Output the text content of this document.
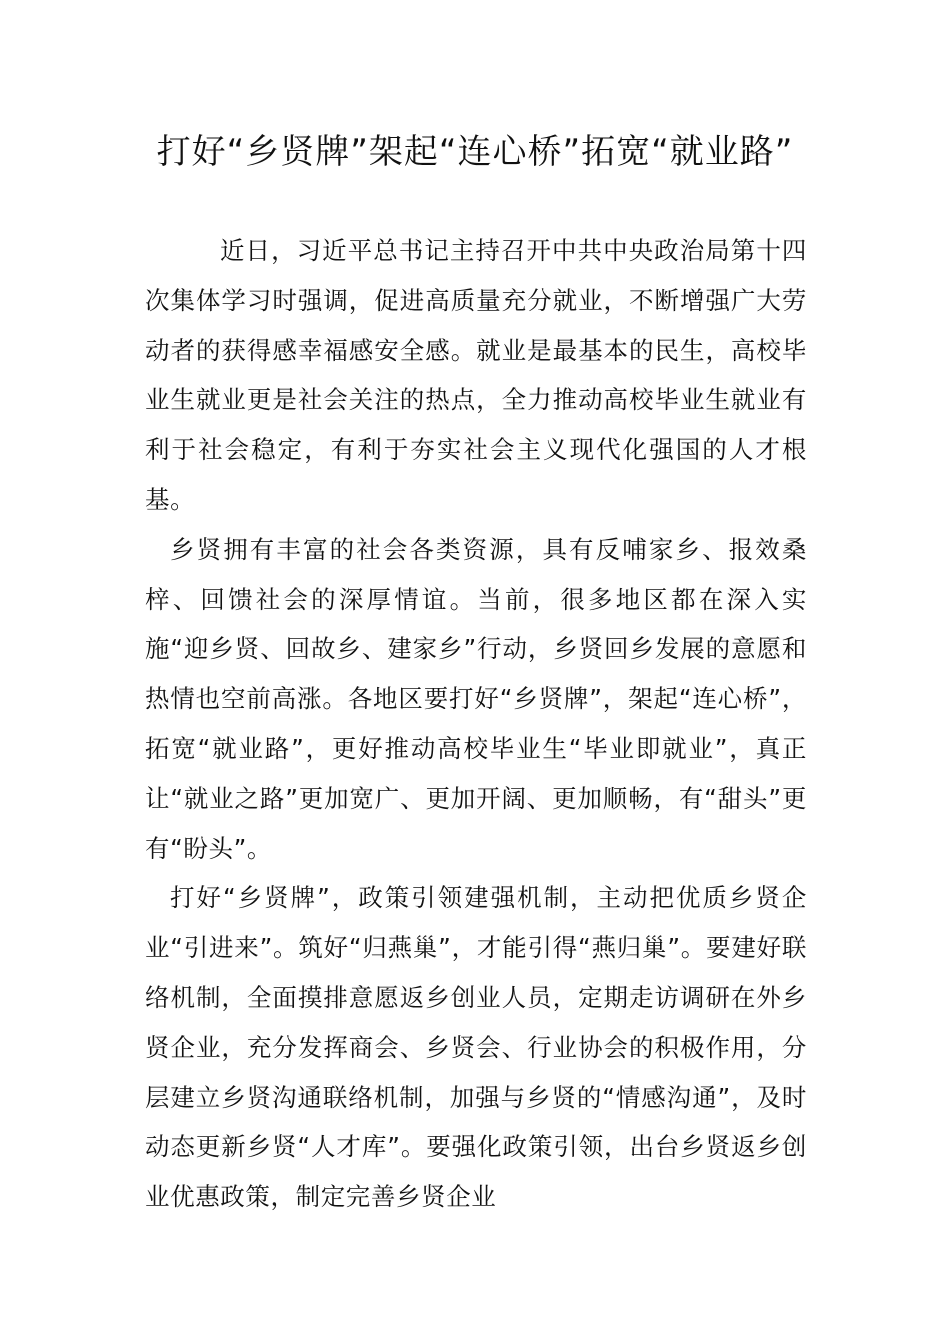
打好“乡贤牌”架起“连心桥”拓宽“就业路”

近日，习近平总书记主持召开中共中央政治局第十四次集体学习时强调，促进高质量充分就业，不断增强广大劳动者的获得感幸福感安全感。就业是最基本的民生，高校毕业生就业更是社会关注的热点，全力推动高校毕业生就业有利于社会稳定，有利于夯实社会主义现代化强国的人才根基。

乡贤拥有丰富的社会各类资源，具有反哺家乡、报效桑梓、回馈社会的深厚情谊。当前，很多地区都在深入实施“迎乡贤、回故乡、建家乡”行动，乡贤回乡发展的意愿和热情也空前高涨。各地区要打好“乡贤牌”，架起“连心桥”，拓宽“就业路”，更好推动高校毕业生“毕业即就业”，真正让“就业之路”更加宽广、更加开阔、更加顺畅，有“甜头”更有“盼头”。

打好“乡贤牌”，政策引领建强机制，主动把优质乡贤企业“引进来”。筑好“归燕巢”，才能引得“燕归巢”。要建好联络机制，全面摸排意愿返乡创业人员，定期走访调研在外乡贤企业，充分发挥商会、乡贤会、行业协会的积极作用，分层建立乡贤沟通联络机制，加强与乡贤的“情感沟通”，及时动态更新乡贤“人才库”。要强化政策引领，出台乡贤返乡创业优惠政策，制定完善乡贤企业
